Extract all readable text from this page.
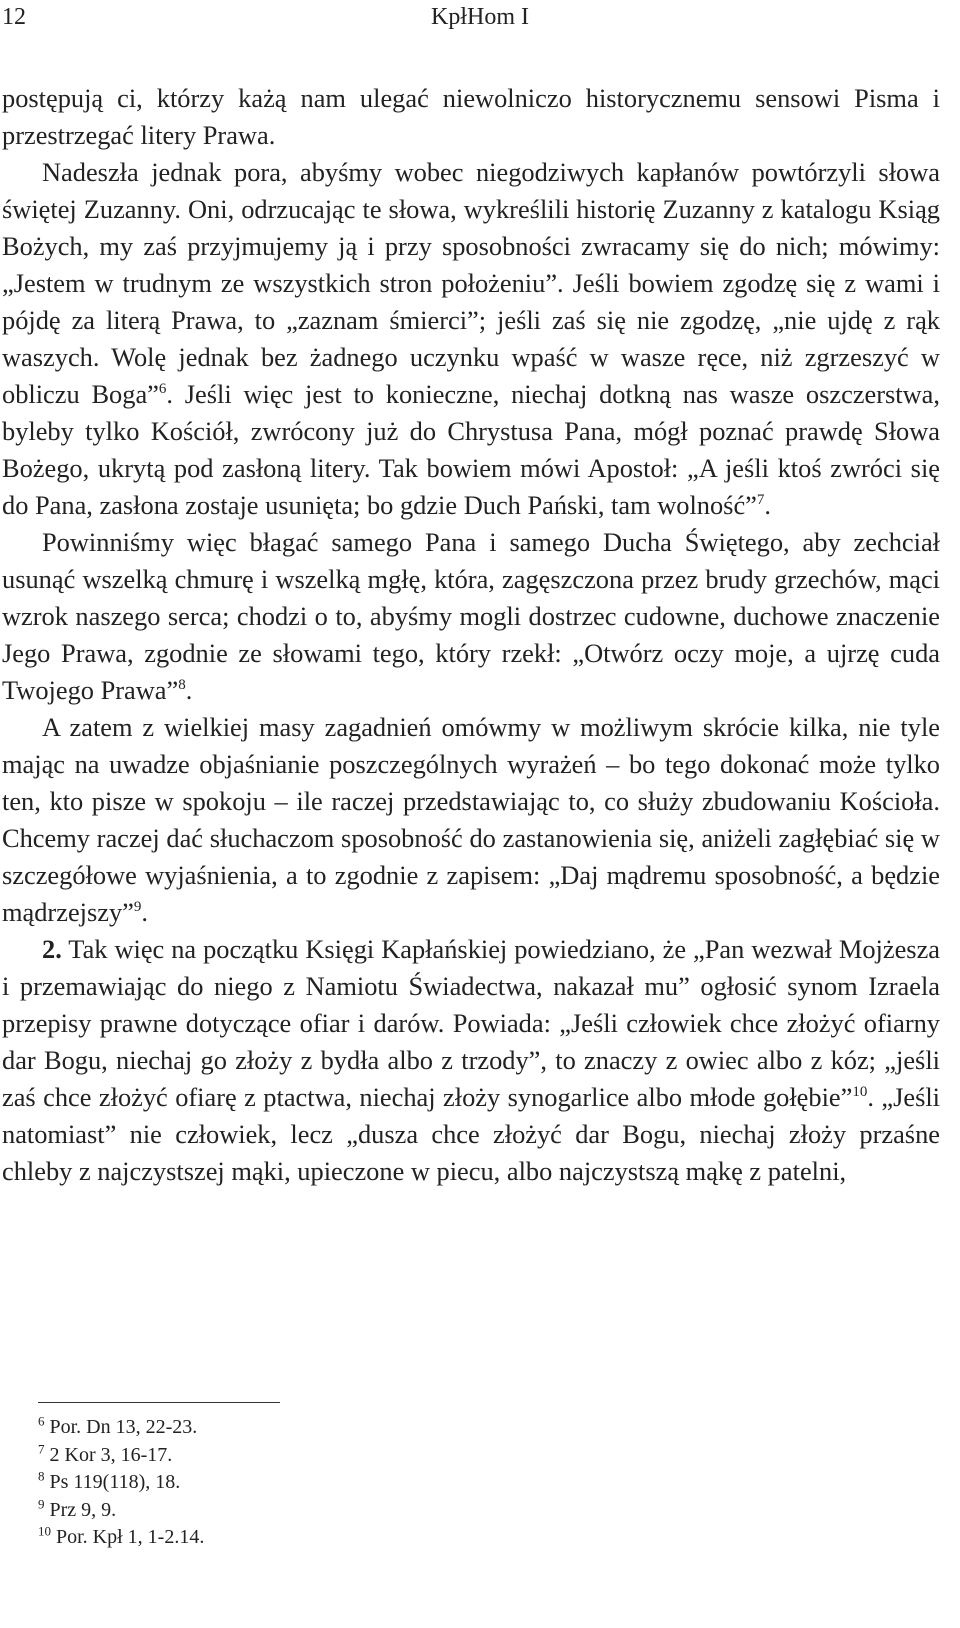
12	KpłHom I

postępują ci, którzy każą nam ulegać niewolniczo historycznemu sensowi Pisma i przestrzegać litery Prawa.

Nadeszła jednak pora, abyśmy wobec niegodziwych kapłanów powtórzyli słowa świętej Zuzanny. Oni, odrzucając te słowa, wykreślili historię Zuzanny z katalogu Ksiąg Bożych, my zaś przyjmujemy ją i przy sposobności zwracamy się do nich; mówimy: „Jestem w trudnym ze wszystkich stron położeniu”. Jeśli bowiem zgodzę się z wami i pójdę za literą Prawa, to „zaznam śmierci”; jeśli zaś się nie zgodzę, „nie ujdę z rąk waszych. Wolę jednak bez żadnego uczynku wpaść w wasze ręce, niż zgrzeszyć w obliczu Boga”$^6$. Jeśli więc jest to konieczne, niechaj dotkną nas wasze oszczerstwa, byleby tylko Kościół, zwrócony już do Chrystusa Pana, mógł poznać prawdę Słowa Bożego, ukrytą pod zasłoną litery. Tak bowiem mówi Apostoł: „A jeśli ktoś zwróci się do Pana, zasłona zostaje usunięta; bo gdzie Duch Pański, tam wolność”$^7$.

Powinniśmy więc błagać samego Pana i samego Ducha Świętego, aby zechciał usunąć wszelką chmurę i wszelką mgłę, która, zagęszczona przez brudy grzechów, mąci wzrok naszego serca; chodzi o to, abyśmy mogli dostrzec cudowne, duchowe znaczenie Jego Prawa, zgodnie ze słowami tego, który rzekł: „Otwórz oczy moje, a ujrzę cuda Twojego Prawa”$^8$.

A zatem z wielkiej masy zagadnień omówmy w możliwym skrócie kilka, nie tyle mając na uwadze objaśnianie poszczególnych wyrażeń – bo tego dokonać może tylko ten, kto pisze w spokoju – ile raczej przedstawiając to, co służy zbudowaniu Kościoła. Chcemy raczej dać słuchaczom sposobność do zastanowienia się, aniżeli zagłębiać się w szczegółowe wyjaśnienia, a to zgodnie z zapisem: „Daj mądremu sposobność, a będzie mądrzejszy”$^9$.

2. Tak więc na początku Księgi Kapłańskiej powiedziano, że „Pan wezwał Mojżesza i przemawiając do niego z Namiotu Świadectwa, nakazał mu” ogłosić synom Izraela przepisy prawne dotyczące ofiar i darów. Powiada: „Jeśli człowiek chce złożyć ofiarny dar Bogu, niechaj go złoży z bydła albo z trzody”, to znaczy z owiec albo z kóz; „jeśli zaś chce złożyć ofiarę z ptactwa, niechaj złoży synogarlice albo młode gołębie”$^{10}$. „Jeśli natomiast” nie człowiek, lecz „dusza chce złożyć dar Bogu, niechaj złoży przaśne chleby z najczystszej mąki, upieczone w piecu, albo najczystszą mąkę z patelni,

$^6$ Por. Dn 13, 22-23.

$^7$ 2 Kor 3, 16-17.

$^8$ Ps 119(118), 18.

$^9$ Prz 9, 9.

$^{10}$ Por. Kpł 1, 1-2.14.
